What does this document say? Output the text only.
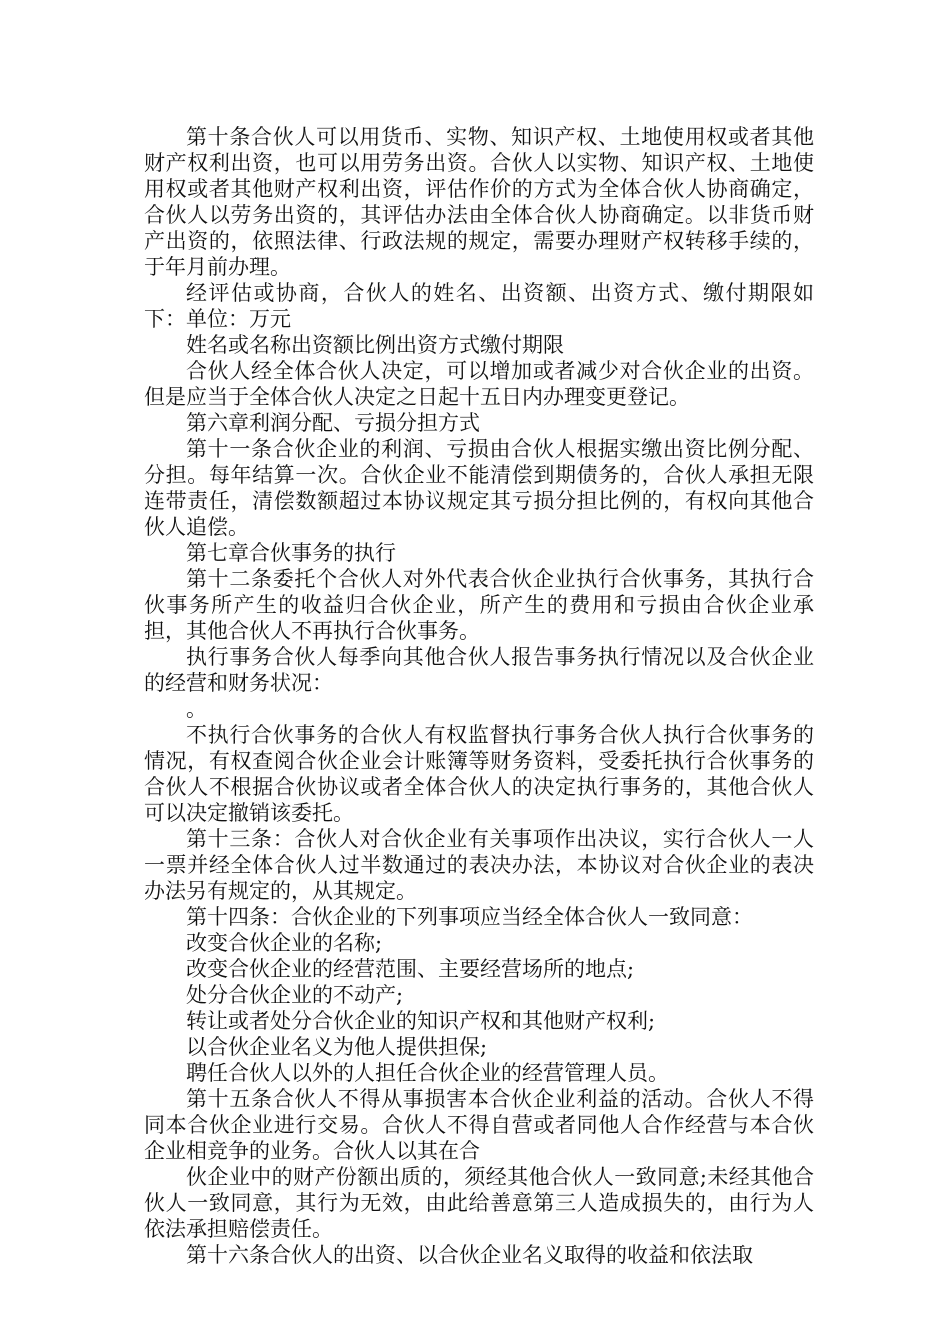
第十条合伙人可以用货币、实物、知识产权、土地使用权或者其他财产权利出资，也可以用劳务出资。合伙人以实物、知识产权、土地使用权或者其他财产权利出资，评估作价的方式为全体合伙人协商确定，合伙人以劳务出资的，其评估办法由全体合伙人协商确定。以非货币财产出资的，依照法律、行政法规的规定，需要办理财产权转移手续的，于年月前办理。

经评估或协商，合伙人的姓名、出资额、出资方式、缴付期限如下：单位：万元

姓名或名称出资额比例出资方式缴付期限

合伙人经全体合伙人决定，可以增加或者减少对合伙企业的出资。但是应当于全体合伙人决定之日起十五日内办理变更登记。

第六章利润分配、亏损分担方式

第十一条合伙企业的利润、亏损由合伙人根据实缴出资比例分配、分担。每年结算一次。合伙企业不能清偿到期债务的，合伙人承担无限连带责任，清偿数额超过本协议规定其亏损分担比例的，有权向其他合伙人追偿。

第七章合伙事务的执行

第十二条委托个合伙人对外代表合伙企业执行合伙事务，其执行合伙事务所产生的收益归合伙企业，所产生的费用和亏损由合伙企业承担，其他合伙人不再执行合伙事务。

执行事务合伙人每季向其他合伙人报告事务执行情况以及合伙企业的经营和财务状况：

。

不执行合伙事务的合伙人有权监督执行事务合伙人执行合伙事务的情况，有权查阅合伙企业会计账簿等财务资料，受委托执行合伙事务的合伙人不根据合伙协议或者全体合伙人的决定执行事务的，其他合伙人可以决定撤销该委托。

第十三条：合伙人对合伙企业有关事项作出决议，实行合伙人一人一票并经全体合伙人过半数通过的表决办法，本协议对合伙企业的表决办法另有规定的，从其规定。

第十四条：合伙企业的下列事项应当经全体合伙人一致同意：

改变合伙企业的名称;

改变合伙企业的经营范围、主要经营场所的地点;

处分合伙企业的不动产;

转让或者处分合伙企业的知识产权和其他财产权利;

以合伙企业名义为他人提供担保;

聘任合伙人以外的人担任合伙企业的经营管理人员。

第十五条合伙人不得从事损害本合伙企业利益的活动。合伙人不得同本合伙企业进行交易。合伙人不得自营或者同他人合作经营与本合伙企业相竞争的业务。合伙人以其在合

伙企业中的财产份额出质的，须经其他合伙人一致同意;未经其他合伙人一致同意，其行为无效，由此给善意第三人造成损失的，由行为人依法承担赔偿责任。

第十六条合伙人的出资、以合伙企业名义取得的收益和依法取
